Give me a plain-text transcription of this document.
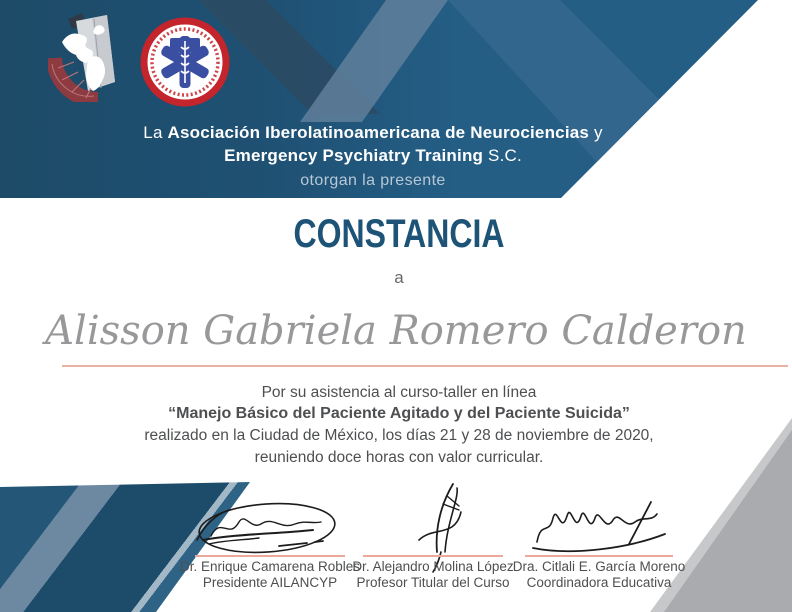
La Asociación Iberolatinoamericana de Neurociencias y
Emergency Psychiatry Training S.C.
otorgan la presente
CONSTANCIA
a
Alisson Gabriela Romero Calderon
Por su asistencia al curso-taller en línea
“Manejo Básico del Paciente Agitado y del Paciente Suicida”
realizado en la Ciudad de México, los días 21 y 28 de noviembre de 2020,
reuniendo doce horas con valor curricular.
Dr. Enrique Camarena Robles
Presidente AILANCYP
Dr. Alejandro Molina López
Profesor Titular del Curso
Dra. Citlali E. García Moreno
Coordinadora Educativa
